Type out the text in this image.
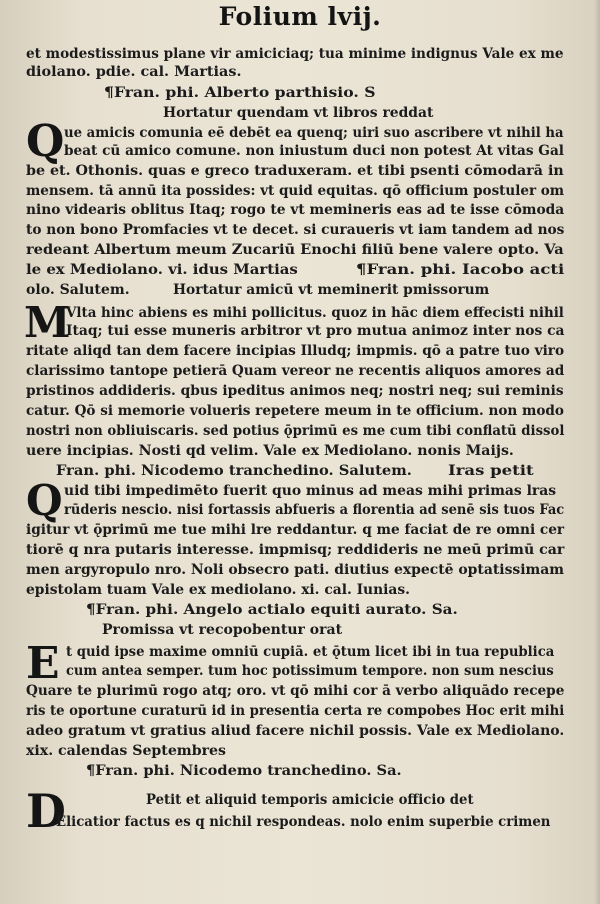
Folium lvij.
Q
M
Q
E
D
et modestissimus plane vir amiciciaq; tua minime indignus Vale ex me
diolano. pdie. cal. Martias.
¶Fran. phi. Alberto parthisio. S
Hortatur quendam vt libros reddat
ue amicis comunia eē debēt ea quenq; uiri suo ascribere vt nihil ha
beat cū amico comune. non iniustum duci non potest At vitas Gal
be et. Othonis. quas e greco traduxeram. et tibi psenti cōmodarā in
mensem. tā annū ita possides: vt quid equitas. qō officium postuler om
nino videaris oblitus Itaq; rogo te vt memineris eas ad te isse cōmoda
to non bono Promfacies vt te decet. si curaueris vt iam tandem ad nos
redeant Albertum meum Zucariū Enochi filiū bene valere opto. Va
le ex Mediolano. vi. idus Martias	¶Fran. phi. Iacobo acti
olo. Salutem.	Hortatur amicū vt meminerit pmissorum
Vlta hinc abiens es mihi pollicitus. quoz in hāc diem effecisti nihil
Itaq; tui esse muneris arbitror vt pro mutua animoz inter nos ca
ritate aliqd tan dem facere incipias Illudq; impmis. qō a patre tuo viro
clarissimo tantope petierā Quam vereor ne recentis aliquos amores ad
pristinos addideris. qbus ipeditus animos neq; nostri neq; sui reminis
catur. Qō si memorie volueris repetere meum in te officium. non modo
nostri non obliuiscaris. sed potius ǭprimū es me cum tibi conflatū dissol
uere incipias. Nosti qd velim. Vale ex Mediolano. nonis Maijs.
Fran. phi. Nicodemo tranchedino. Salutem.	Iras petit
uid tibi impedimēto fuerit quo minus ad meas mihi primas lras
rūderis nescio. nisi fortassis abfueris a florentia ad senē sis tuos Fac
igitur vt ǭprimū me tue mihi lre reddantur. q me faciat de re omni cer
tiorē q nra putaris interesse. impmisq; reddideris ne meū primū car
men argyropulo nro. Noli obsecro pati. diutius expectē optatissimam
epistolam tuam Vale ex mediolano. xi. cal. Iunias.
¶Fran. phi. Angelo actialo equiti aurato. Sa.
Promissa vt recopobentur orat
t quid ipse maxime omniū cupiā. et ǭtum licet ibi in tua republica
cum antea semper. tum hoc potissimum tempore. non sum nescius
Quare te plurimū rogo atq; oro. vt qō mihi cor ā verbo aliquādo recepe
ris te oportune curaturū id in presentia certa re compobes Hoc erit mihi
adeo gratum vt gratius aliud facere nichil possis. Vale ex Mediolano.
xix. calendas Septembres
¶Fran. phi. Nicodemo tranchedino. Sa.
Petit et aliquid temporis amicicie officio det
Elicatior factus es q nichil respondeas. nolo enim superbie crimen
